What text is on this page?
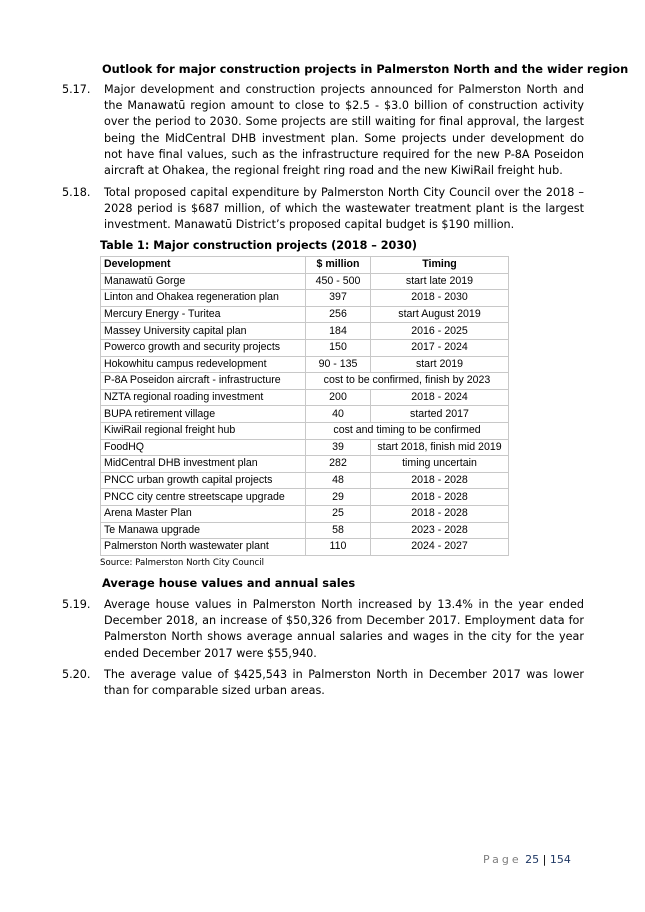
Outlook for major construction projects in Palmerston North and the wider region
5.17. Major development and construction projects announced for Palmerston North and the Manawatū region amount to close to $2.5 - $3.0 billion of construction activity over the period to 2030. Some projects are still waiting for final approval, the largest being the MidCentral DHB investment plan. Some projects under development do not have final values, such as the infrastructure required for the new P-8A Poseidon aircraft at Ohakea, the regional freight ring road and the new KiwiRail freight hub.
5.18. Total proposed capital expenditure by Palmerston North City Council over the 2018 – 2028 period is $687 million, of which the wastewater treatment plant is the largest investment. Manawatū District’s proposed capital budget is $190 million.
Table 1: Major construction projects (2018 – 2030)
Development	$ million	Timing
Manawatū Gorge	450 - 500	start late 2019
Linton and Ohakea regeneration plan	397	2018 - 2030
Mercury Energy - Turitea	256	start August 2019
Massey University capital plan	184	2016 - 2025
Powerco growth and security projects	150	2017 - 2024
Hokowhitu campus redevelopment	90 - 135	start 2019
P-8A Poseidon aircraft - infrastructure	cost to be confirmed, finish by 2023	
NZTA regional roading investment	200	2018 - 2024
BUPA retirement village	40	started 2017
KiwiRail regional freight hub	cost and timing to be confirmed	
FoodHQ	39	start 2018, finish mid 2019
MidCentral DHB investment plan	282	timing uncertain
PNCC urban growth capital projects	48	2018 - 2028
PNCC city centre streetscape upgrade	29	2018 - 2028
Arena Master Plan	25	2018 - 2028
Te Manawa upgrade	58	2023 - 2028
Palmerston North wastewater plant	110	2024 - 2027
Source: Palmerston North City Council
Average house values and annual sales
5.19. Average house values in Palmerston North increased by 13.4% in the year ended December 2018, an increase of $50,326 from December 2017. Employment data for Palmerston North shows average annual salaries and wages in the city for the year ended December 2017 were $55,940.
5.20. The average value of $425,543 in Palmerston North in December 2017 was lower than for comparable sized urban areas.
Page 25 | 154
